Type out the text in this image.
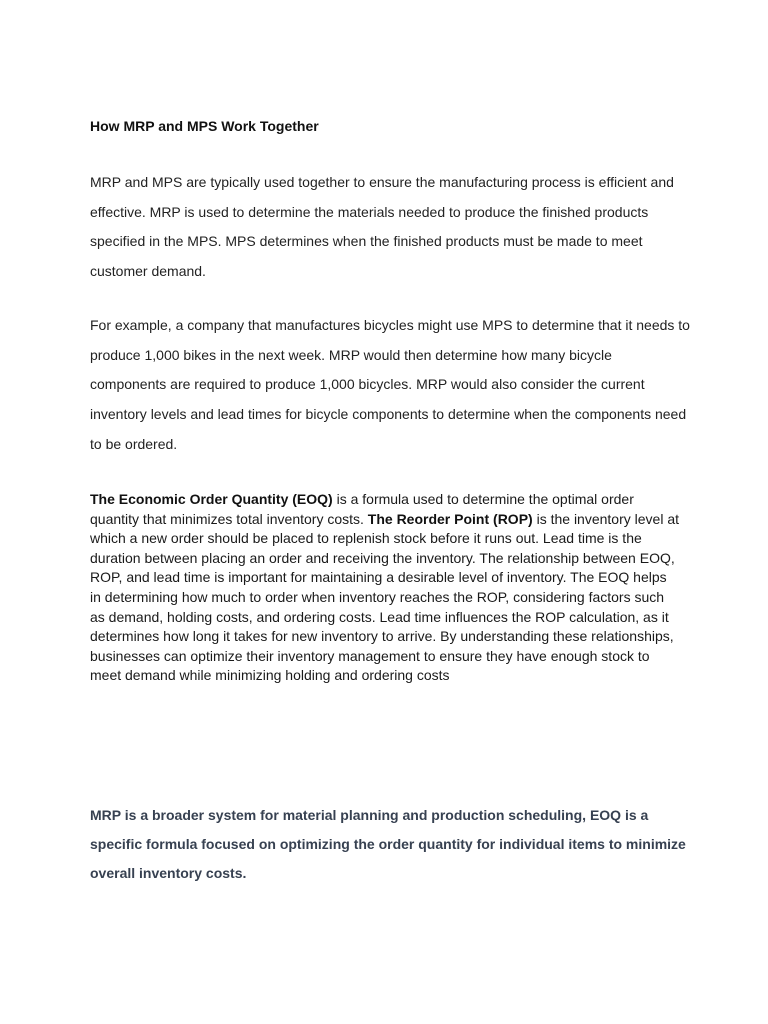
How MRP and MPS Work Together

MRP and MPS are typically used together to ensure the manufacturing process is efficient and effective. MRP is used to determine the materials needed to produce the finished products specified in the MPS. MPS determines when the finished products must be made to meet customer demand.

For example, a company that manufactures bicycles might use MPS to determine that it needs to produce 1,000 bikes in the next week. MRP would then determine how many bicycle components are required to produce 1,000 bicycles. MRP would also consider the current inventory levels and lead times for bicycle components to determine when the components need to be ordered.

The Economic Order Quantity (EOQ) is a formula used to determine the optimal order quantity that minimizes total inventory costs. The Reorder Point (ROP) is the inventory level at which a new order should be placed to replenish stock before it runs out. Lead time is the duration between placing an order and receiving the inventory. The relationship between EOQ, ROP, and lead time is important for maintaining a desirable level of inventory. The EOQ helps in determining how much to order when inventory reaches the ROP, considering factors such as demand, holding costs, and ordering costs. Lead time influences the ROP calculation, as it determines how long it takes for new inventory to arrive. By understanding these relationships, businesses can optimize their inventory management to ensure they have enough stock to meet demand while minimizing holding and ordering costs

MRP is a broader system for material planning and production scheduling, EOQ is a specific formula focused on optimizing the order quantity for individual items to minimize overall inventory costs.
